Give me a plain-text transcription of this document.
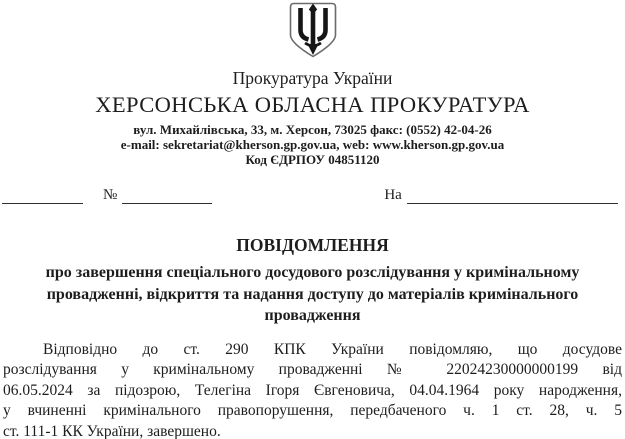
Прокуратура України
ХЕРСОНСЬКА ОБЛАСНА ПРОКУРАТУРА
вул. Михайлівська, 33, м. Херсон, 73025 факс: (0552) 42-04-26
e-mail: sekretariat@kherson.gp.gov.ua, web: www.kherson.gp.gov.ua
Код ЄДРПОУ 04851120
№	На
ПОВІДОМЛЕННЯ
про завершення спеціального досудового розслідування у кримінальному
провадженні, відкриття та надання доступу до матеріалів кримінального
провадження
Відповідно до ст. 290 КПК України повідомляю, що досудове
розслідування у кримінальному провадженні № 22024230000000199 від
06.05.2024 за підозрою, Телегіна Ігоря Євгеновича, 04.04.1964 року народження,
у вчиненні кримінального правопорушення, передбаченого ч. 1 ст. 28, ч. 5
ст. 111-1 КК України, завершено.
